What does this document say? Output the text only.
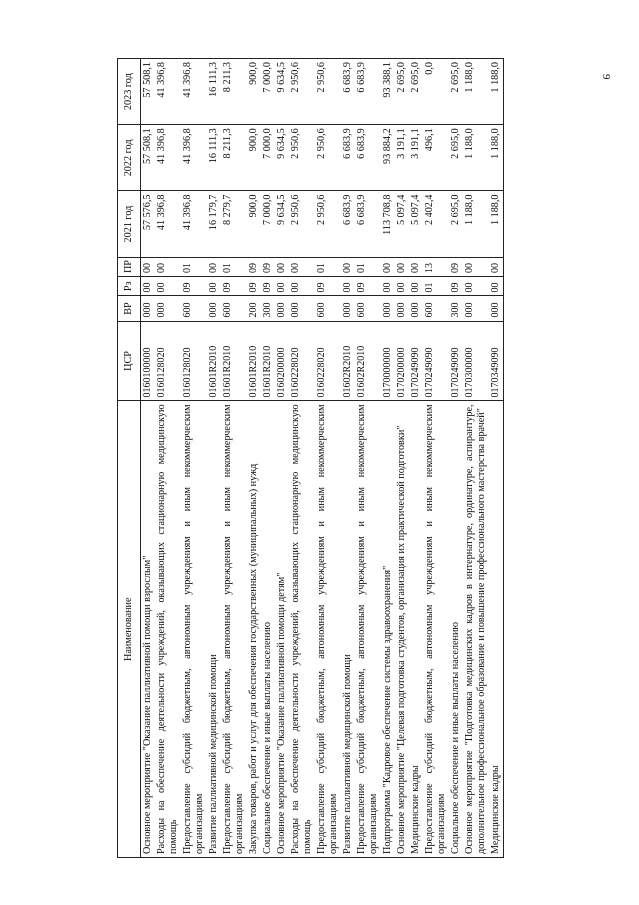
9
Наименование	ЦСР	ВР	Рз	ПР	2021 год	2022 год	2023 год
Основное мероприятие "Оказание паллиативной помощи взрослым"	0160100000	000	00	00	57 576,5	57 508,1	57 508,1
Расходы на обеспечение деятельности учреждений, оказывающих стационарную медицинскую помощь	0160128020	000	00	00	41 396,8	41 396,8	41 396,8
Предоставление субсидий бюджетным, автономным учреждениям и иным некоммерческим организациям	0160128020	600	09	01	41 396,8	41 396,8	41 396,8
Развитие паллиативной медицинской помощи	01601R2010	000	00	00	16 179,7	16 111,3	16 111,3
Предоставление субсидий бюджетным, автономным учреждениям и иным некоммерческим организациям	01601R2010	600	09	01	8 279,7	8 211,3	8 211,3
Закупка товаров, работ и услуг для обеспечения государственных (муниципальных) нужд	01601R2010	200	09	09	900,0	900,0	900,0
Социальное обеспечение и иные выплаты населению	01601R2010	300	09	09	7 000,0	7 000,0	7 000,0
Основное мероприятие "Оказание паллиативной помощи детям"	0160200000	000	00	00	9 634,5	9 634,5	9 634,5
Расходы на обеспечение деятельности учреждений, оказывающих стационарную медицинскую помощь	0160228020	000	00	00	2 950,6	2 950,6	2 950,6
Предоставление субсидий бюджетным, автономным учреждениям и иным некоммерческим организациям	0160228020	600	09	01	2 950,6	2 950,6	2 950,6
Развитие паллиативной медицинской помощи	01602R2010	000	00	00	6 683,9	6 683,9	6 683,9
Предоставление субсидий бюджетным, автономным учреждениям и иным некоммерческим организациям	01602R2010	600	09	01	6 683,9	6 683,9	6 683,9
Подпрограмма "Кадровое обеспечение системы здравоохранения"	0170000000	000	00	00	113 708,8	93 884,2	93 388,1
Основное мероприятие "Целевая подготовка студентов, организация их практической подготовки"	0170200000	000	00	00	5 097,4	3 191,1	2 695,0
Медицинские кадры	0170249090	000	00	00	5 097,4	3 191,1	2 695,0
Предоставление субсидий бюджетным, автономным учреждениям и иным некоммерческим организациям	0170249090	600	01	13	2 402,4	496,1	0,0
Социальное обеспечение и иные выплаты населению	0170249090	300	09	09	2 695,0	2 695,0	2 695,0
Основное мероприятие "Подготовка медицинских кадров в интернатуре, ординатуре, аспирантуре, дополнительное профессиональное образование и повышение профессионального мастерства врачей"	0170300000	000	00	00	1 188,0	1 188,0	1 188,0
Медицинские кадры	0170349090	000	00	00	1 188,0	1 188,0	1 188,0
